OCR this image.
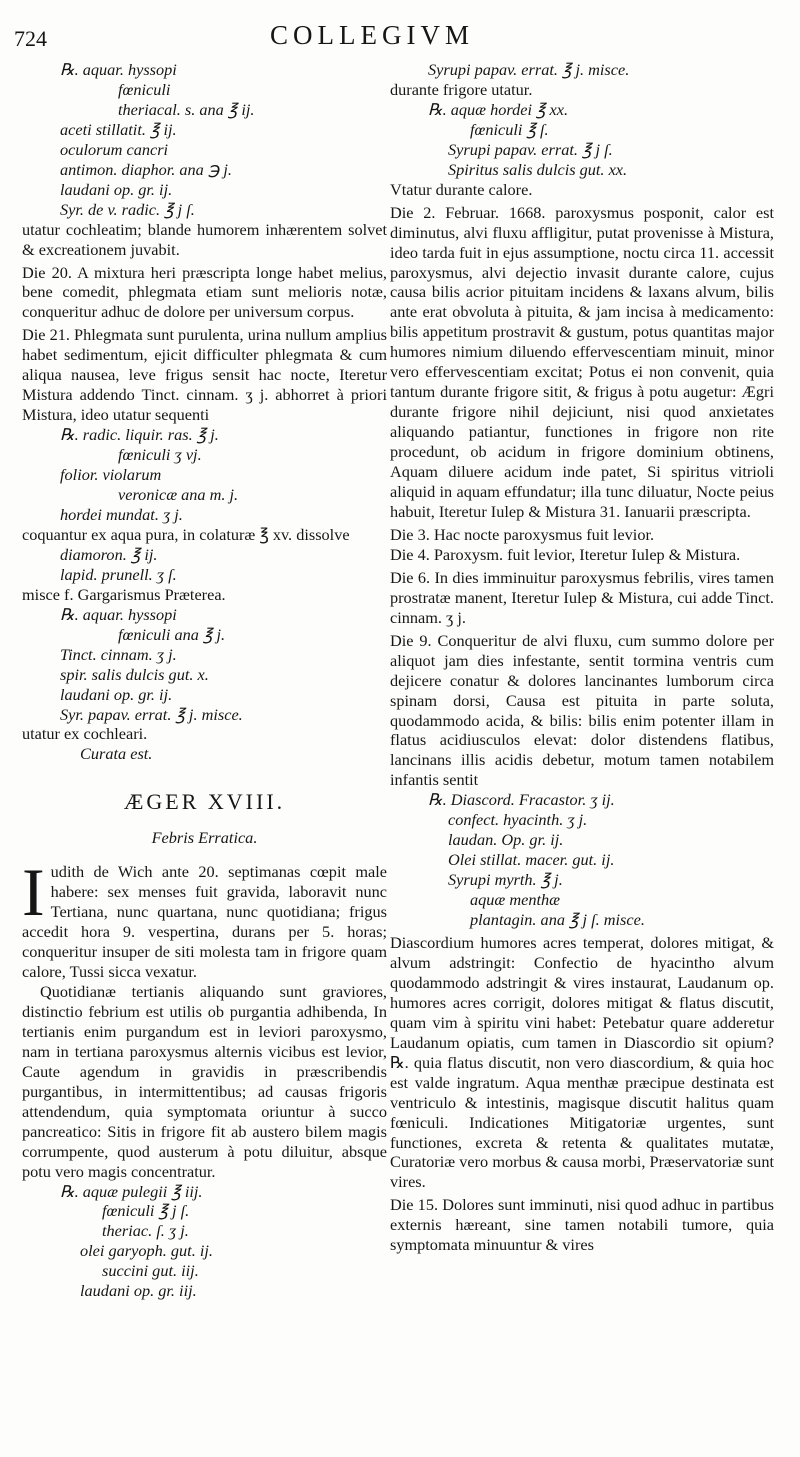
724	COLLEGIVM

℞. aquar. hyssopi

fœniculi

theriacal. s. ana ℥ ij.

aceti stillatit. ℥ ij.

oculorum cancri

antimon. diaphor. ana ℈ j.

laudani op. gr. ij.

Syr. de v. radic. ℥ j ſ.

utatur cochleatim; blande humorem inhærentem solvet & excreationem juvabit.

Die 20. A mixtura heri præscripta longe habet melius, bene comedit, phlegmata etiam sunt melioris notæ, conqueritur adhuc de dolore per universum corpus.

Die 21. Phlegmata sunt purulenta, urina nullum amplius habet sedimentum, ejicit difficulter phlegmata & cum aliqua nausea, leve frigus sensit hac nocte, Iteretur Mistura addendo Tinct. cinnam. ʒ j. abhorret à priori Mistura, ideo utatur sequenti

℞. radic. liquir. ras. ℥ j.

fœniculi ʒ vj.

folior. violarum

veronicæ ana m. j.

hordei mundat. ʒ j.

coquantur ex aqua pura, in colaturæ ℥ xv. dissolve

diamoron. ℥ ij.

lapid. prunell. ʒ ſ.

misce f. Gargarismus Præterea.

℞. aquar. hyssopi

fœniculi ana ℥ j.

Tinct. cinnam. ʒ j.

spir. salis dulcis gut. x.

laudani op. gr. ij.

Syr. papav. errat. ℥ j. misce.

utatur ex cochleari.

Curata est.

ÆGER XVIII.

Febris Erratica.

Iudith de Wich ante 20. septimanas cœpit male habere: sex menses fuit gravida, laboravit nunc Tertiana, nunc quartana, nunc quotidiana; frigus accedit hora 9. vespertina, durans per 5. horas; conqueritur insuper de siti molesta tam in frigore quam calore, Tussi sicca vexatur.

Quotidianæ tertianis aliquando sunt graviores, distinctio febrium est utilis ob purgantia adhibenda, In tertianis enim purgandum est in leviori paroxysmo, nam in tertiana paroxysmus alternis vicibus est levior, Caute agendum in gravidis in præscribendis purgantibus, in intermittentibus; ad causas frigoris attendendum, quia symptomata oriuntur à succo pancreatico: Sitis in frigore fit ab austero bilem magis corrumpente, quod austerum à potu diluitur, absque potu vero magis concentratur.

℞. aquæ pulegii ℥ iij.

fœniculi ℥ j ſ.

theriac. ſ. ʒ j.

olei garyoph. gut. ij.

succini gut. iij.

laudani op. gr. iij.

Syrupi papav. errat. ℥ j. misce.

durante frigore utatur.

℞. aquæ hordei ℥ xx.

fœniculi ℥ ſ.

Syrupi papav. errat. ℥ j ſ.

Spiritus salis dulcis gut. xx.

Vtatur durante calore.

Die 2. Februar. 1668. paroxysmus posponit, calor est diminutus, alvi fluxu affligitur, putat provenisse à Mistura, ideo tarda fuit in ejus assumptione, noctu circa 11. accessit paroxysmus, alvi dejectio invasit durante calore, cujus causa bilis acrior pituitam incidens & laxans alvum, bilis ante erat obvoluta à pituita, & jam incisa à medicamento: bilis appetitum prostravit & gustum, potus quantitas major humores nimium diluendo effervescentiam minuit, minor vero effervescentiam excitat; Potus ei non convenit, quia tantum durante frigore sitit, & frigus à potu augetur: Ægri durante frigore nihil dejiciunt, nisi quod anxietates aliquando patiantur, functiones in frigore non rite procedunt, ob acidum in frigore dominium obtinens, Aquam diluere acidum inde patet, Si spiritus vitrioli aliquid in aquam effundatur; illa tunc diluatur, Nocte peius habuit, Iteretur Iulep & Mistura 31. Ianuarii præscripta.

Die 3. Hac nocte paroxysmus fuit levior.

Die 4. Paroxysm. fuit levior, Iteretur Iulep & Mistura.

Die 6. In dies imminuitur paroxysmus febrilis, vires tamen prostratæ manent, Iteretur Iulep & Mistura, cui adde Tinct. cinnam. ʒ j.

Die 9. Conqueritur de alvi fluxu, cum summo dolore per aliquot jam dies infestante, sentit tormina ventris cum dejicere conatur & dolores lancinantes lumborum circa spinam dorsi, Causa est pituita in parte soluta, quodammodo acida, & bilis: bilis enim potenter illam in flatus acidiusculos elevat: dolor distendens flatibus, lancinans illis acidis debetur, motum tamen notabilem infantis sentit

℞. Diascord. Fracastor. ʒ ij.

confect. hyacinth. ʒ j.

laudan. Op. gr. ij.

Olei stillat. macer. gut. ij.

Syrupi myrth. ℥ j.

aquæ menthæ

plantagin. ana ℥ j ſ. misce.

Diascordium humores acres temperat, dolores mitigat, & alvum adstringit: Confectio de hyacintho alvum quodammodo adstringit & vires instaurat, Laudanum op. humores acres corrigit, dolores mitigat & flatus discutit, quam vim à spiritu vini habet: Petebatur quare adderetur Laudanum opiatis, cum tamen in Diascordio sit opium? ℞. quia flatus discutit, non vero diascordium, & quia hoc est valde ingratum. Aqua menthæ præcipue destinata est ventriculo & intestinis, magisque discutit halitus quam fœniculi. Indicationes Mitigatoriæ urgentes, sunt functiones, excreta & retenta & qualitates mutatæ, Curatoriæ vero morbus & causa morbi, Præservatoriæ sunt vires.

Die 15. Dolores sunt imminuti, nisi quod adhuc in partibus externis hæreant, sine tamen notabili tumore, quia symptomata minuuntur & vires
